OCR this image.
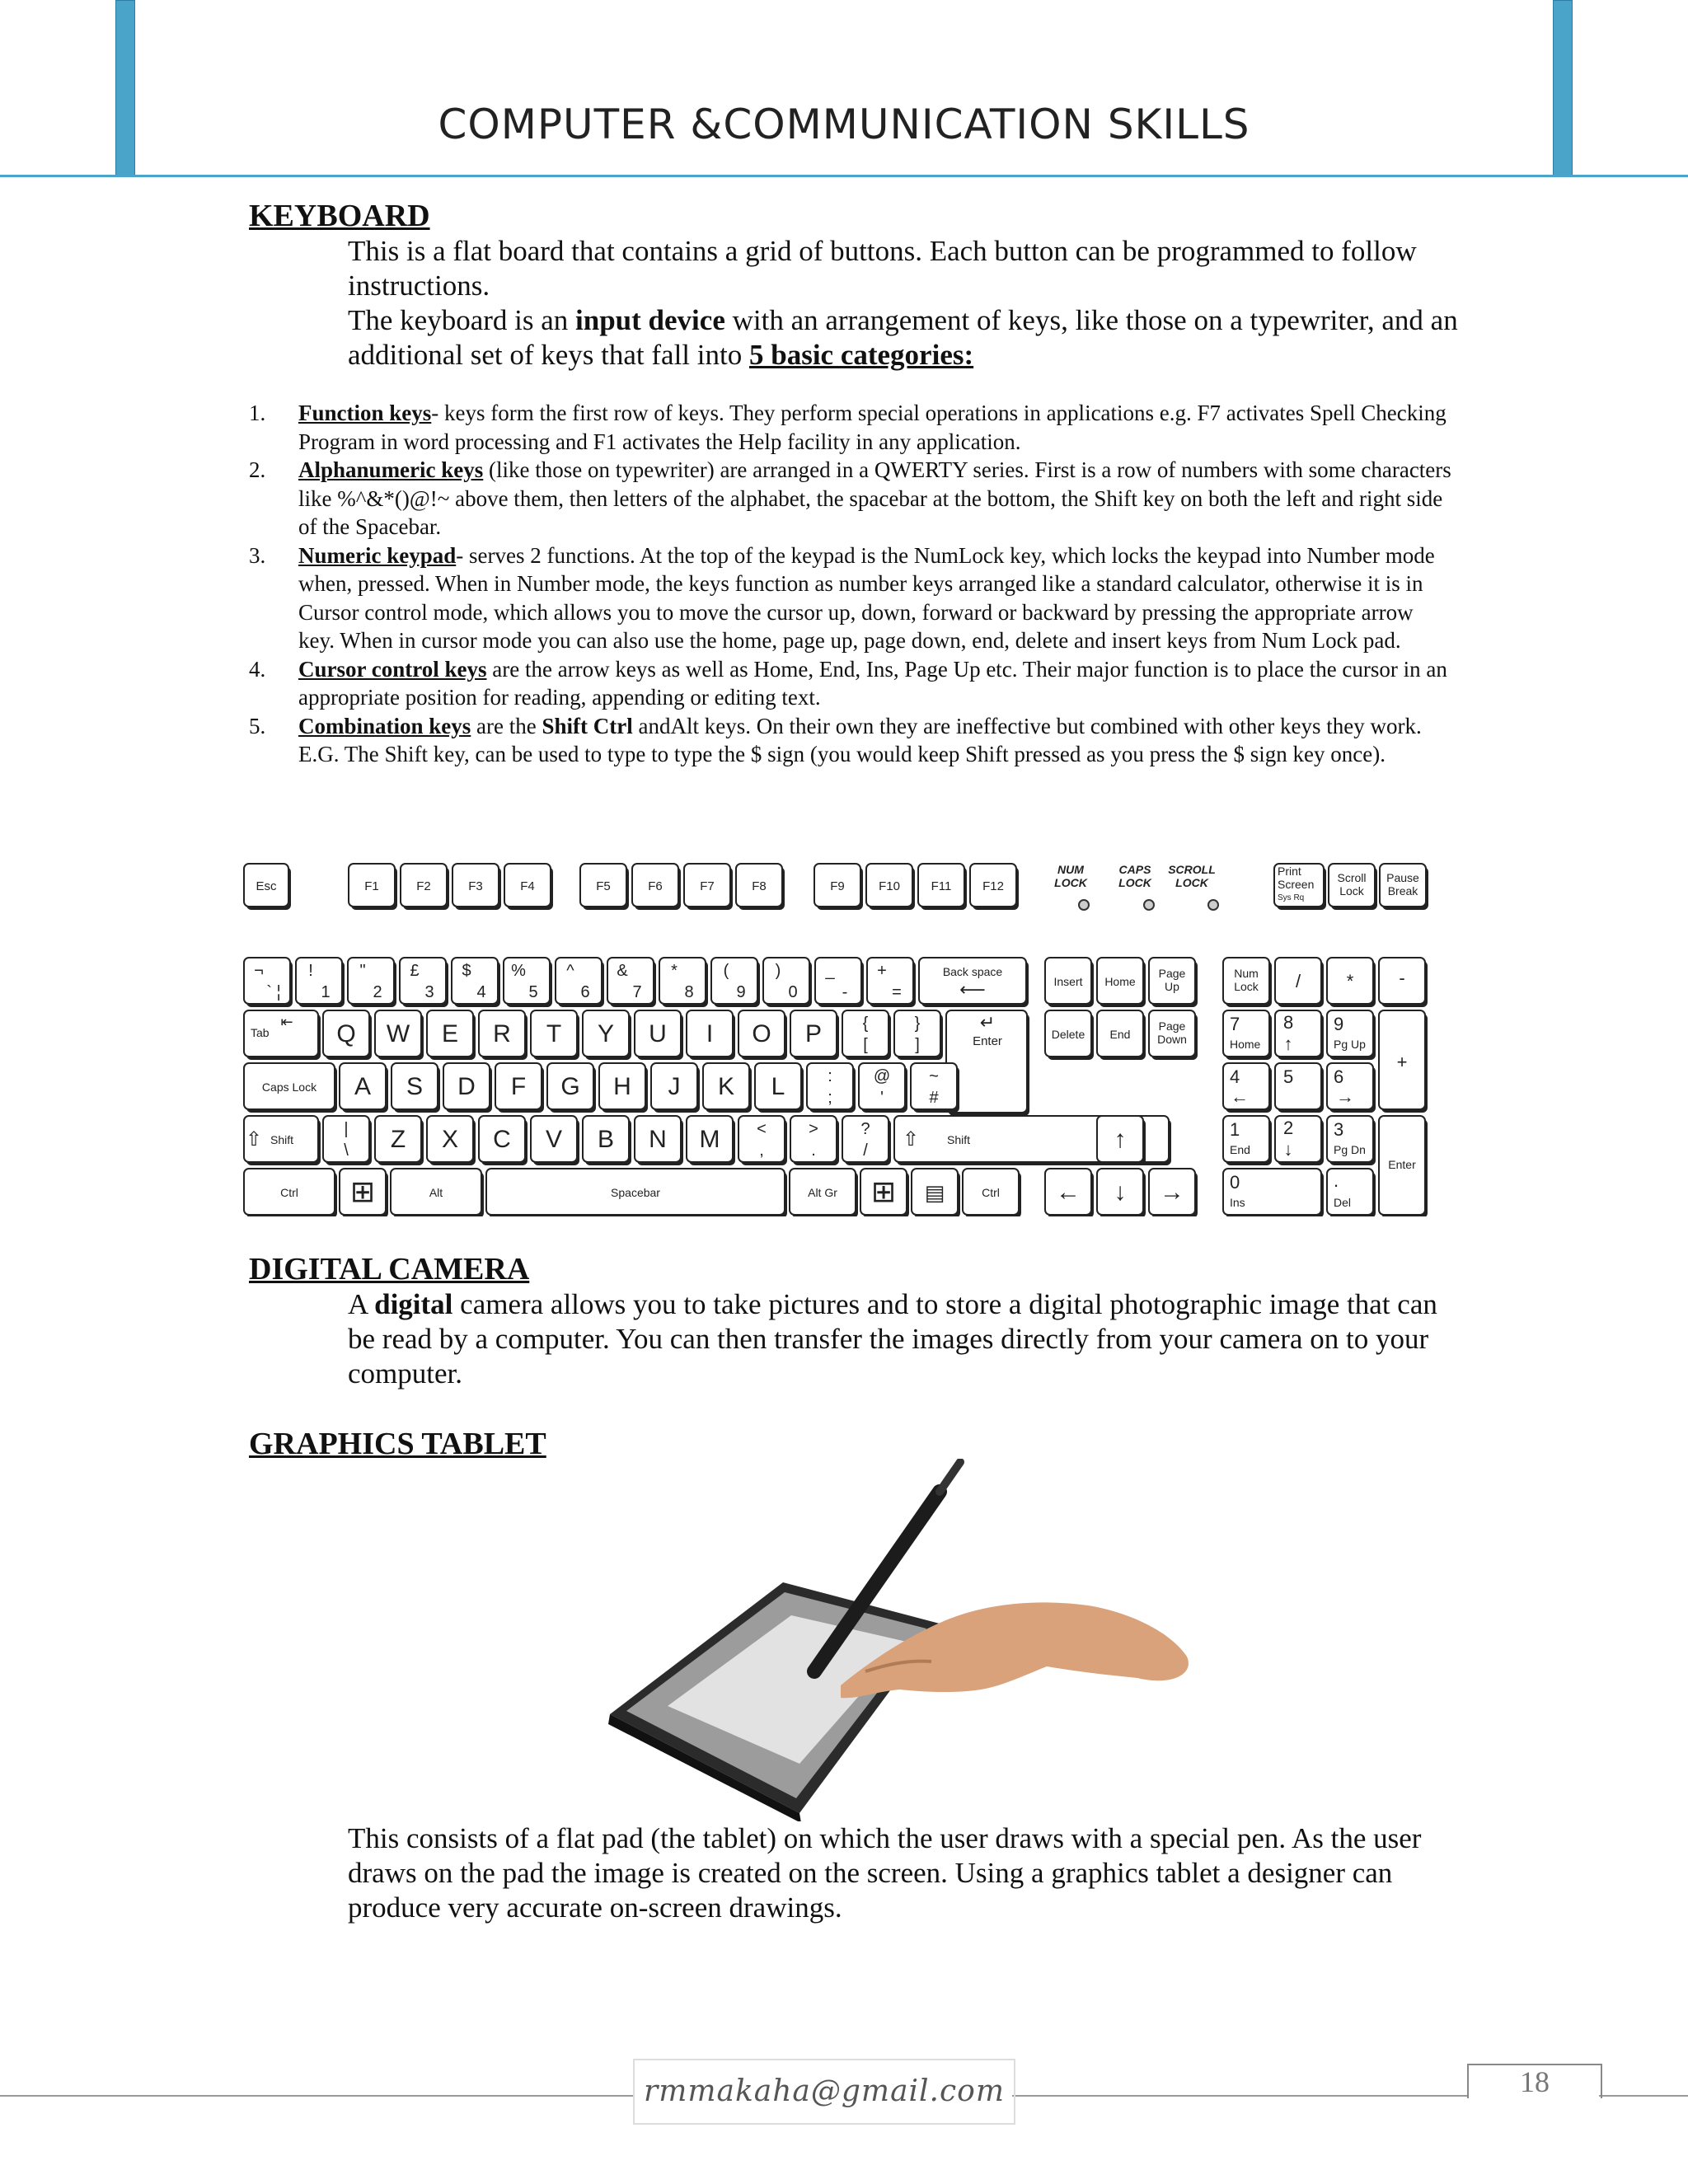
COMPUTER &COMMUNICATION SKILLS
KEYBOARD

This is a flat board that contains a grid of buttons. Each button can be programmed to follow instructions.

The keyboard is an input device with an arrangement of keys, like those on a typewriter, and an additional set of keys that fall into 5 basic categories:

1.	Function keys- keys form the first row of keys. They perform special operations in applications e.g. F7 activates Spell Checking Program in word processing and F1 activates the Help facility in any application.
2.	Alphanumeric keys (like those on typewriter) are arranged in a QWERTY series. First is a row of numbers with some characters like %^&*()@!~ above them, then letters of the alphabet, the spacebar at the bottom, the Shift key on both the left and right side of the Spacebar.
3.	Numeric keypad- serves 2 functions. At the top of the keypad is the NumLock key, which locks the keypad into Number mode when, pressed. When in Number mode, the keys function as number keys arranged like a standard calculator, otherwise it is in Cursor control mode, which allows you to move the cursor up, down, forward or backward by pressing the appropriate arrow key. When in cursor mode you can also use the home, page up, page down, end, delete and insert keys from Num Lock pad.
4.	Cursor control keys are the arrow keys as well as Home, End, Ins, Page Up etc. Their major function is to place the cursor in an appropriate position for reading, appending or editing text.
5.	Combination keys are the Shift Ctrl andAlt keys. On their own they are ineffective but combined with other keys they work. E.G. The Shift key, can be used to type to type the $ sign (you would keep Shift pressed as you press the $ sign key once).
Esc	F1	F2	F3	F4	F5	F6	F7	F8	F9	F10	F11	F12
NUM
LOCK
CAPS
LOCK
SCROLL
LOCK
Print
Screen
Sys Rq
Scroll
Lock
Pause
Break
¬
` ¦
!
1
"
2
£
3
$
4
%
5
^
6
&
7
*
8
(
9
)
0
_
-
+
=
Back space
⟵
Tab
⇤ Q W E R T Y U I O P {
[
}
]	Enter
↵
Caps Lock A S D F G H J K L	:
;
@
'
~
#
⇧ Shift
|
\ Z X C V B N M <
,
>
.
?
/ ⇧ Shift
Ctrl ⊞	Alt	Spacebar	Alt Gr ⊞ ▤	Ctrl
Insert Home
Page
Up
Delete End
Page
Down
↑
← ↓ →
Num
Lock /	*	-
7
Home
8
↑
9
Pg Up
+
4
←
5 6
→
1
End
2
↓
3
Pg Dn
Enter
0
Ins
.
Del
DIGITAL CAMERA

A digital camera allows you to take pictures and to store a digital photographic image that can be read by a computer. You can then transfer the images directly from your camera on to your computer.

GRAPHICS TABLET

This consists of a flat pad (the tablet) on which the user draws with a special pen. As the user draws on the pad the image is created on the screen. Using a graphics tablet a designer can produce very accurate on-screen drawings.

rmmakaha@gmail.com	18
